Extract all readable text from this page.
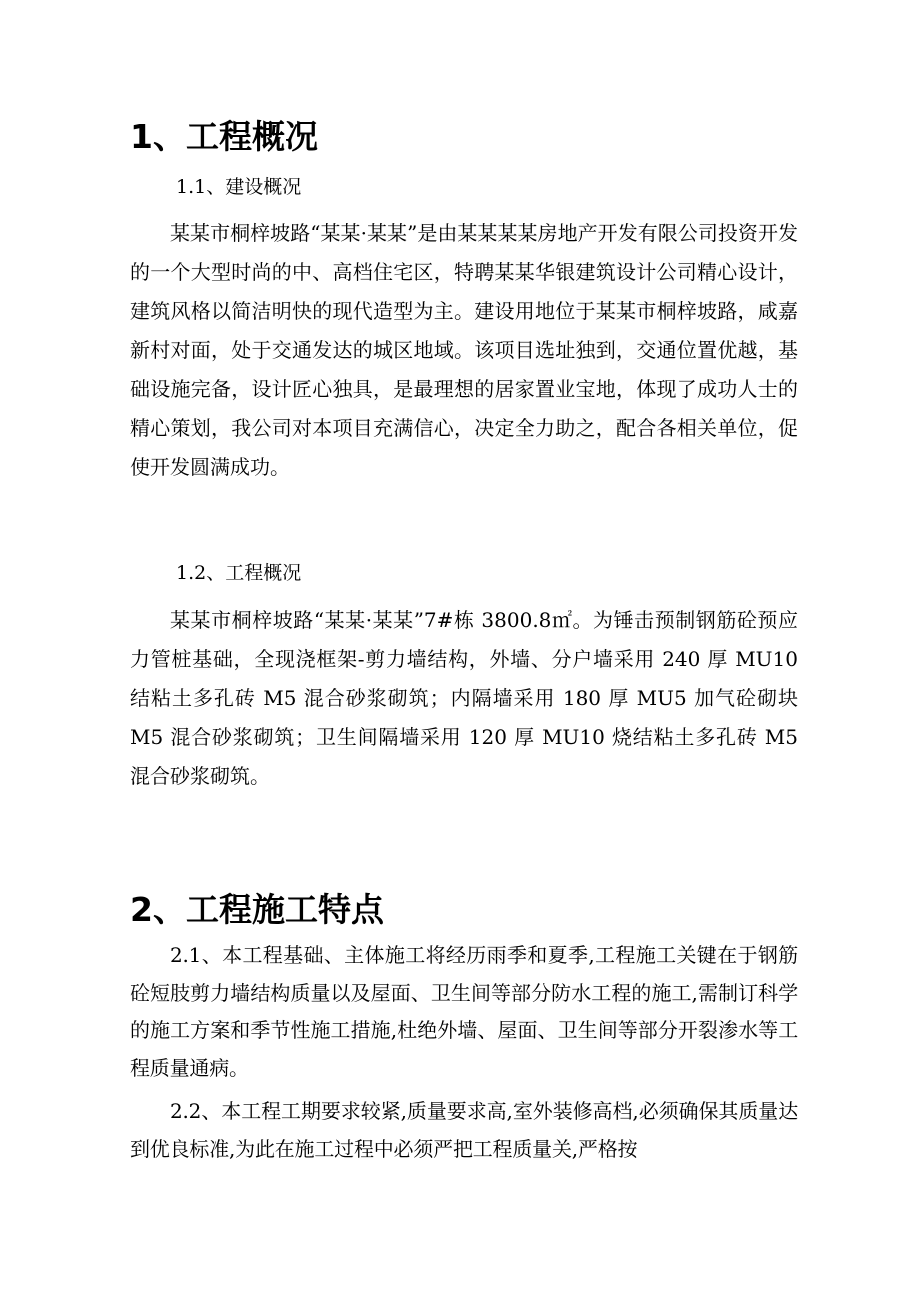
1、工程概况
1.1、建设概况

某某市桐梓坡路“某某·某某”是由某某某某房地产开发有限公司投资开发的一个大型时尚的中、高档住宅区，特聘某某华银建筑设计公司精心设计，建筑风格以简洁明快的现代造型为主。建设用地位于某某市桐梓坡路，咸嘉新村对面，处于交通发达的城区地域。该项目选址独到，交通位置优越，基础设施完备，设计匠心独具，是最理想的居家置业宝地，体现了成功人士的精心策划，我公司对本项目充满信心，决定全力助之，配合各相关单位，促使开发圆满成功。

1.2、工程概况

某某市桐梓坡路“某某·某某”7#栋 3800.8㎡。为锤击预制钢筋砼预应力管桩基础，全现浇框架-剪力墙结构，外墙、分户墙采用 240 厚 MU10 结粘土多孔砖 M5 混合砂浆砌筑；内隔墙采用 180 厚 MU5 加气砼砌块 M5 混合砂浆砌筑；卫生间隔墙采用 120 厚 MU10 烧结粘土多孔砖 M5 混合砂浆砌筑。

2、工程施工特点

2.1、本工程基础、主体施工将经历雨季和夏季,工程施工关键在于钢筋砼短肢剪力墙结构质量以及屋面、卫生间等部分防水工程的施工,需制订科学的施工方案和季节性施工措施,杜绝外墙、屋面、卫生间等部分开裂渗水等工程质量通病。

2.2、本工程工期要求较紧,质量要求高,室外装修高档,必须确保其质量达到优良标准,为此在施工过程中必须严把工程质量关,严格按
